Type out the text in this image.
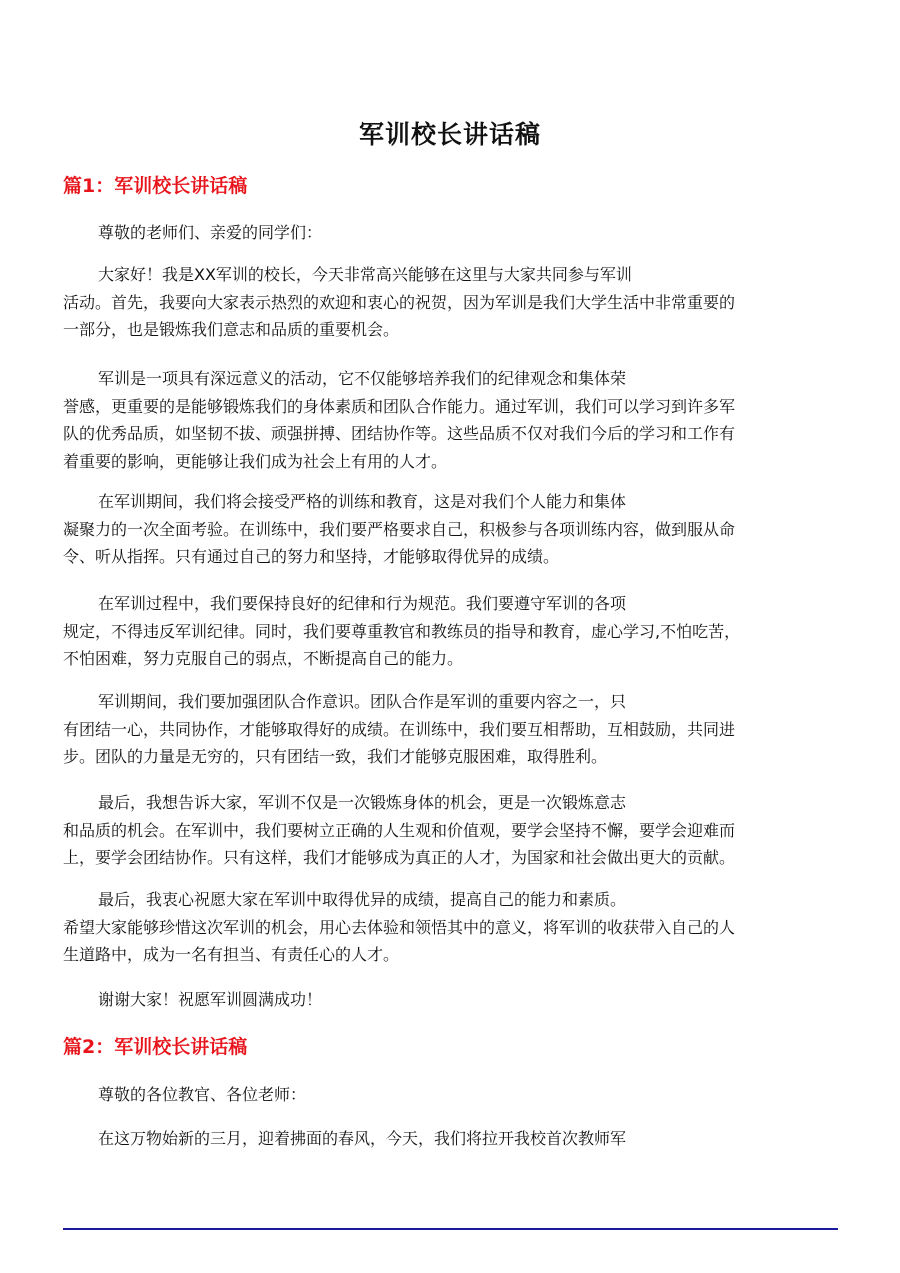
军训校长讲话稿
篇1：军训校长讲话稿
尊敬的老师们、亲爱的同学们：
大家好！我是XX军训的校长，今天非常高兴能够在这里与大家共同参与军训
活动。首先，我要向大家表示热烈的欢迎和衷心的祝贺，因为军训是我们大学生活中非常重要的
一部分，也是锻炼我们意志和品质的重要机会。
军训是一项具有深远意义的活动，它不仅能够培养我们的纪律观念和集体荣
誉感，更重要的是能够锻炼我们的身体素质和团队合作能力。通过军训，我们可以学习到许多军
队的优秀品质，如坚韧不拔、顽强拼搏、团结协作等。这些品质不仅对我们今后的学习和工作有
着重要的影响，更能够让我们成为社会上有用的人才。
在军训期间，我们将会接受严格的训练和教育，这是对我们个人能力和集体
凝聚力的一次全面考验。在训练中，我们要严格要求自己，积极参与各项训练内容，做到服从命
令、听从指挥。只有通过自己的努力和坚持，才能够取得优异的成绩。
在军训过程中，我们要保持良好的纪律和行为规范。我们要遵守军训的各项
规定，不得违反军训纪律。同时，我们要尊重教官和教练员的指导和教育，虚心学习,不怕吃苦，
不怕困难，努力克服自己的弱点，不断提高自己的能力。
军训期间，我们要加强团队合作意识。团队合作是军训的重要内容之一，只
有团结一心，共同协作，才能够取得好的成绩。在训练中，我们要互相帮助，互相鼓励，共同进
步。团队的力量是无穷的，只有团结一致，我们才能够克服困难，取得胜利。
最后，我想告诉大家，军训不仅是一次锻炼身体的机会，更是一次锻炼意志
和品质的机会。在军训中，我们要树立正确的人生观和价值观，要学会坚持不懈，要学会迎难而
上，要学会团结协作。只有这样，我们才能够成为真正的人才，为国家和社会做出更大的贡献。
最后，我衷心祝愿大家在军训中取得优异的成绩，提高自己的能力和素质。
希望大家能够珍惜这次军训的机会，用心去体验和领悟其中的意义，将军训的收获带入自己的人
生道路中，成为一名有担当、有责任心的人才。
谢谢大家！祝愿军训圆满成功！
篇2：军训校长讲话稿
尊敬的各位教官、各位老师：
在这万物始新的三月，迎着拂面的春风，今天，我们将拉开我校首次教师军
